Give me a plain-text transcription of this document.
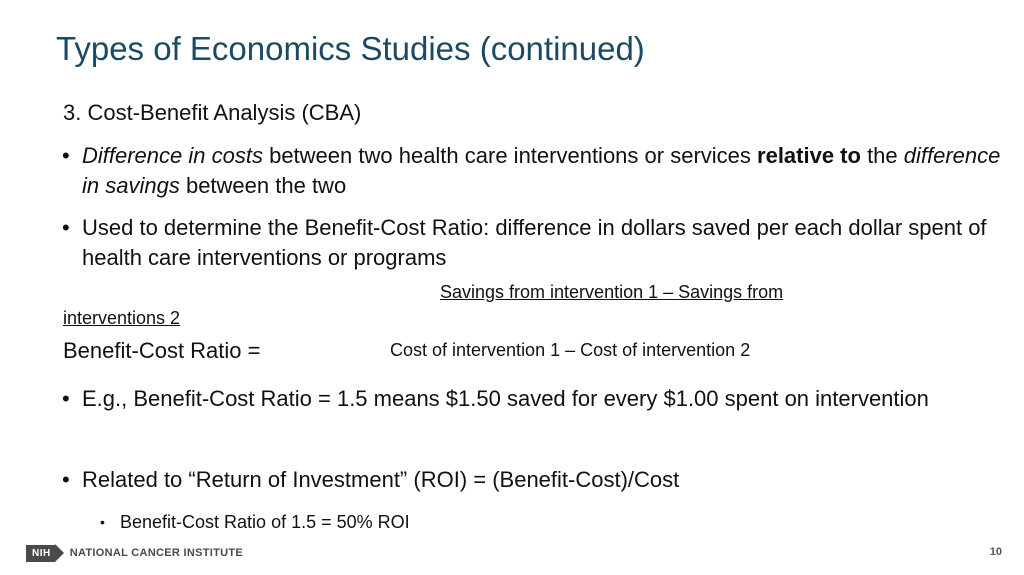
Types of Economics Studies (continued)
3. Cost-Benefit Analysis (CBA)
• Difference in costs between two health care interventions or services relative to the difference in savings between the two
• Used to determine the Benefit-Cost Ratio: difference in dollars saved per each dollar spent of health care interventions or programs
Savings from intervention 1 – Savings from
interventions 2
Benefit-Cost Ratio =	Cost of intervention 1 – Cost of intervention 2
• E.g., Benefit-Cost Ratio = 1.5 means $1.50 saved for every $1.00 spent on intervention
• Related to “Return of Investment” (ROI) = (Benefit-Cost)/Cost
• Benefit-Cost Ratio of 1.5 = 50% ROI
NIH	NATIONAL CANCER INSTITUTE	10
